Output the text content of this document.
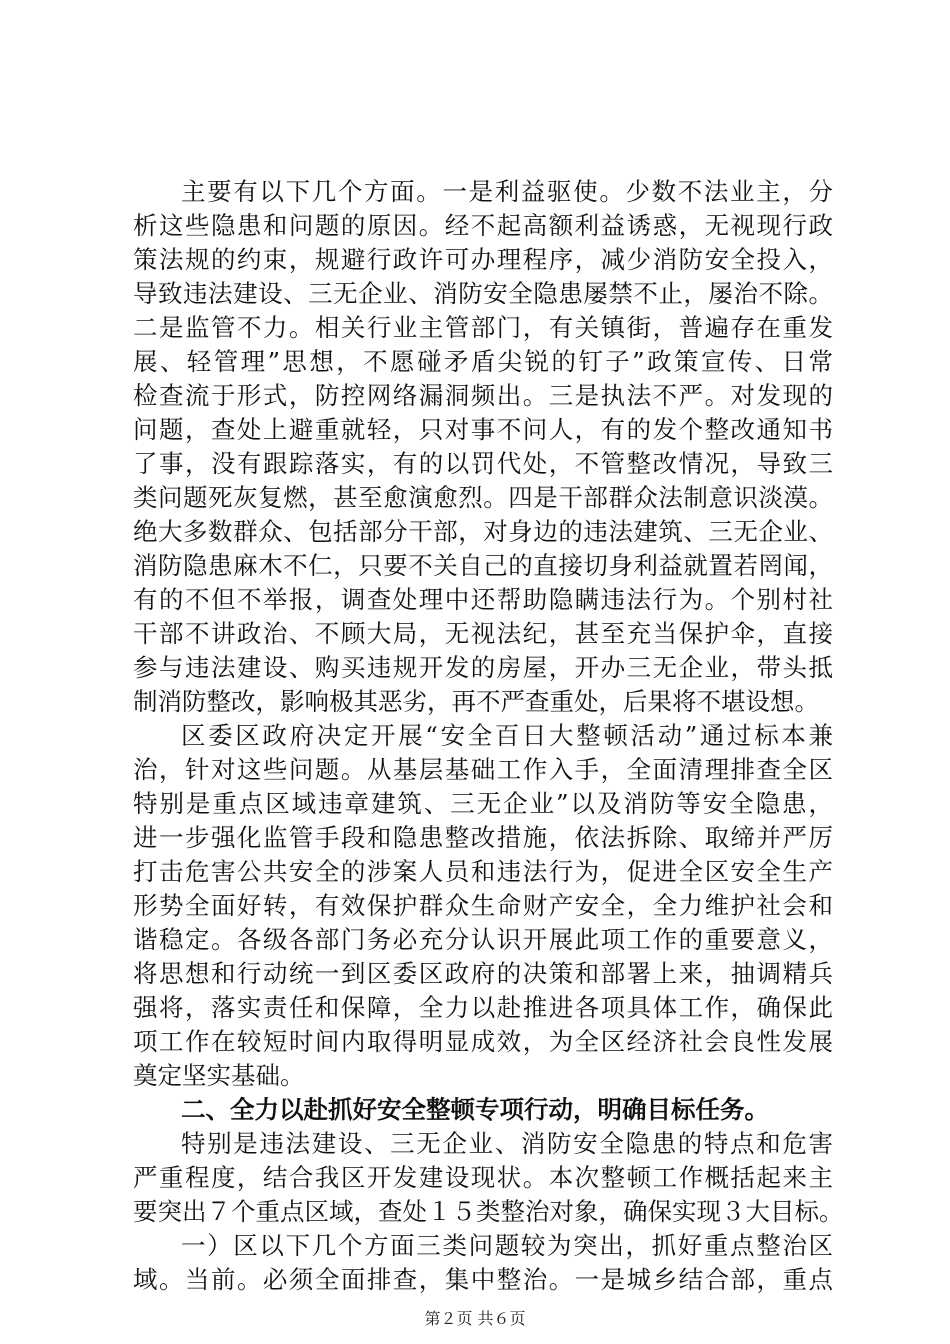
主要有以下几个方面。一是利益驱使。少数不法业主，分
析这些隐患和问题的原因。经不起高额利益诱惑，无视现行政
策法规的约束，规避行政许可办理程序，减少消防安全投入，
导致违法建设、三无企业、消防安全隐患屡禁不止，屡治不除。
二是监管不力。相关行业主管部门，有关镇街，普遍存在重发
展、轻管理”思想，不愿碰矛盾尖锐的钉子”政策宣传、日常
检查流于形式，防控网络漏洞频出。三是执法不严。对发现的
问题，查处上避重就轻，只对事不问人，有的发个整改通知书
了事，没有跟踪落实，有的以罚代处，不管整改情况，导致三
类问题死灰复燃，甚至愈演愈烈。四是干部群众法制意识淡漠。
绝大多数群众、包括部分干部，对身边的违法建筑、三无企业、
消防隐患麻木不仁，只要不关自己的直接切身利益就置若罔闻，
有的不但不举报，调查处理中还帮助隐瞒违法行为。个别村社
干部不讲政治、不顾大局，无视法纪，甚至充当保护伞，直接
参与违法建设、购买违规开发的房屋，开办三无企业，带头抵
制消防整改，影响极其恶劣，再不严查重处，后果将不堪设想。
区委区政府决定开展“安全百日大整顿活动”通过标本兼
治，针对这些问题。从基层基础工作入手，全面清理排查全区
特别是重点区域违章建筑、三无企业”以及消防等安全隐患，
进一步强化监管手段和隐患整改措施，依法拆除、取缔并严厉
打击危害公共安全的涉案人员和违法行为，促进全区安全生产
形势全面好转，有效保护群众生命财产安全，全力维护社会和
谐稳定。各级各部门务必充分认识开展此项工作的重要意义，
将思想和行动统一到区委区政府的决策和部署上来，抽调精兵
强将，落实责任和保障，全力以赴推进各项具体工作，确保此
项工作在较短时间内取得明显成效，为全区经济社会良性发展
奠定坚实基础。
二、全力以赴抓好安全整顿专项行动，明确目标任务。
特别是违法建设、三无企业、消防安全隐患的特点和危害
严重程度，结合我区开发建设现状。本次整顿工作概括起来主
要突出７个重点区域，查处１５类整治对象，确保实现３大目标。
一）区以下几个方面三类问题较为突出，抓好重点整治区
域。当前。必须全面排查，集中整治。一是城乡结合部，重点
第２页 共６页
